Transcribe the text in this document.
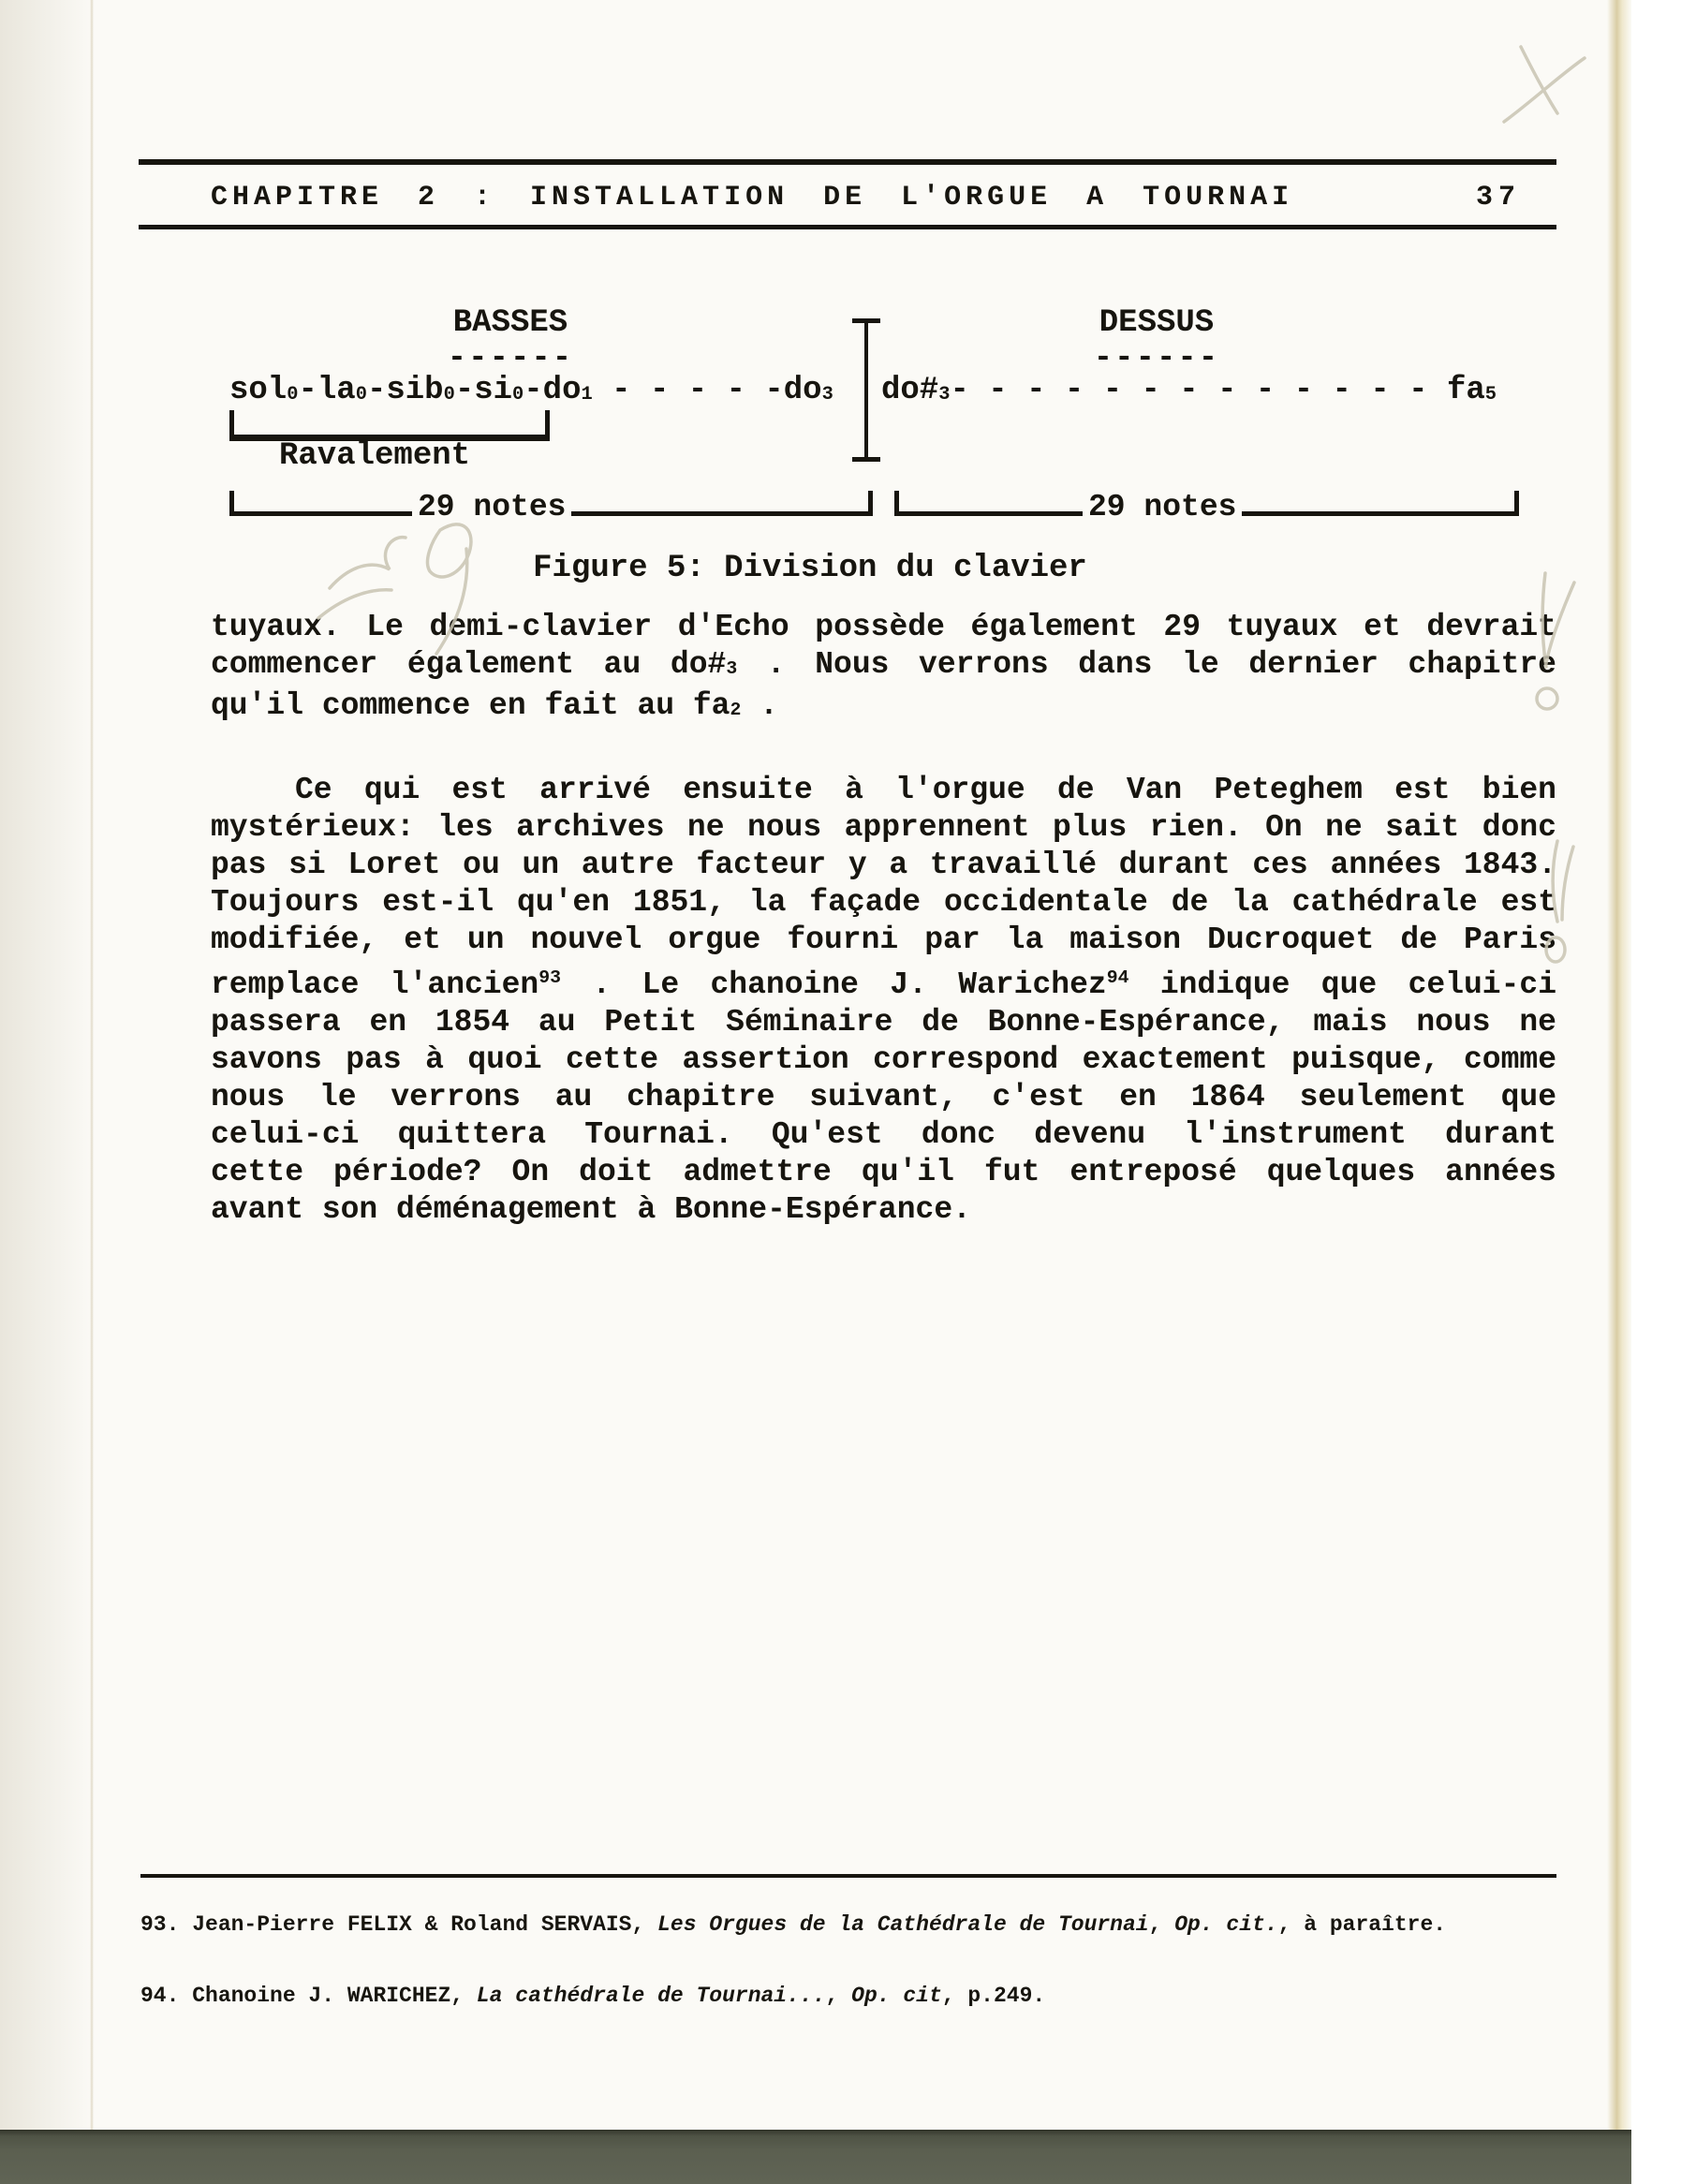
CHAPITRE 2 : INSTALLATION DE L'ORGUE A TOURNAI	37
BASSES
------
DESSUS
------
$sol_0-la_0-sib_0-si_0-do_1$ - - - - $-do_3$ $do\#_3-$ - - - - - - - - - - - - $fa_5$
Ravalement
29 notes	29 notes
Figure 5: Division du clavier
tuyaux. Le demi-clavier d'Echo possède également 29 tuyaux et devrait
commencer également au $do\#_3$ . Nous verrons dans le dernier chapitre
qu'il commence en fait au $fa_2$ .
Ce qui est arrivé ensuite à l'orgue de Van Peteghem est bien
mystérieux: les archives ne nous apprennent plus rien. On ne sait donc
pas si Loret ou un autre facteur y a travaillé durant ces années 1843.
Toujours est-il qu'en 1851, la façade occidentale de la cathédrale est
modifiée, et un nouvel orgue fourni par la maison Ducroquet de Paris
remplace l'ancien$^{93}$ . Le chanoine J. Warichez$^{94}$ indique que celui-ci
passera en 1854 au Petit Séminaire de Bonne-Espérance, mais nous ne
savons pas à quoi cette assertion correspond exactement puisque, comme
nous le verrons au chapitre suivant, c'est en 1864 seulement que
celui-ci quittera Tournai. Qu'est donc devenu l'instrument durant
cette période? On doit admettre qu'il fut entreposé quelques années
avant son déménagement à Bonne-Espérance.
93. Jean-Pierre FELIX & Roland SERVAIS, Les Orgues de la Cathédrale de Tournai, Op. cit., à paraître.
94. Chanoine J. WARICHEZ, La cathédrale de Tournai..., Op. cit, p.249.
